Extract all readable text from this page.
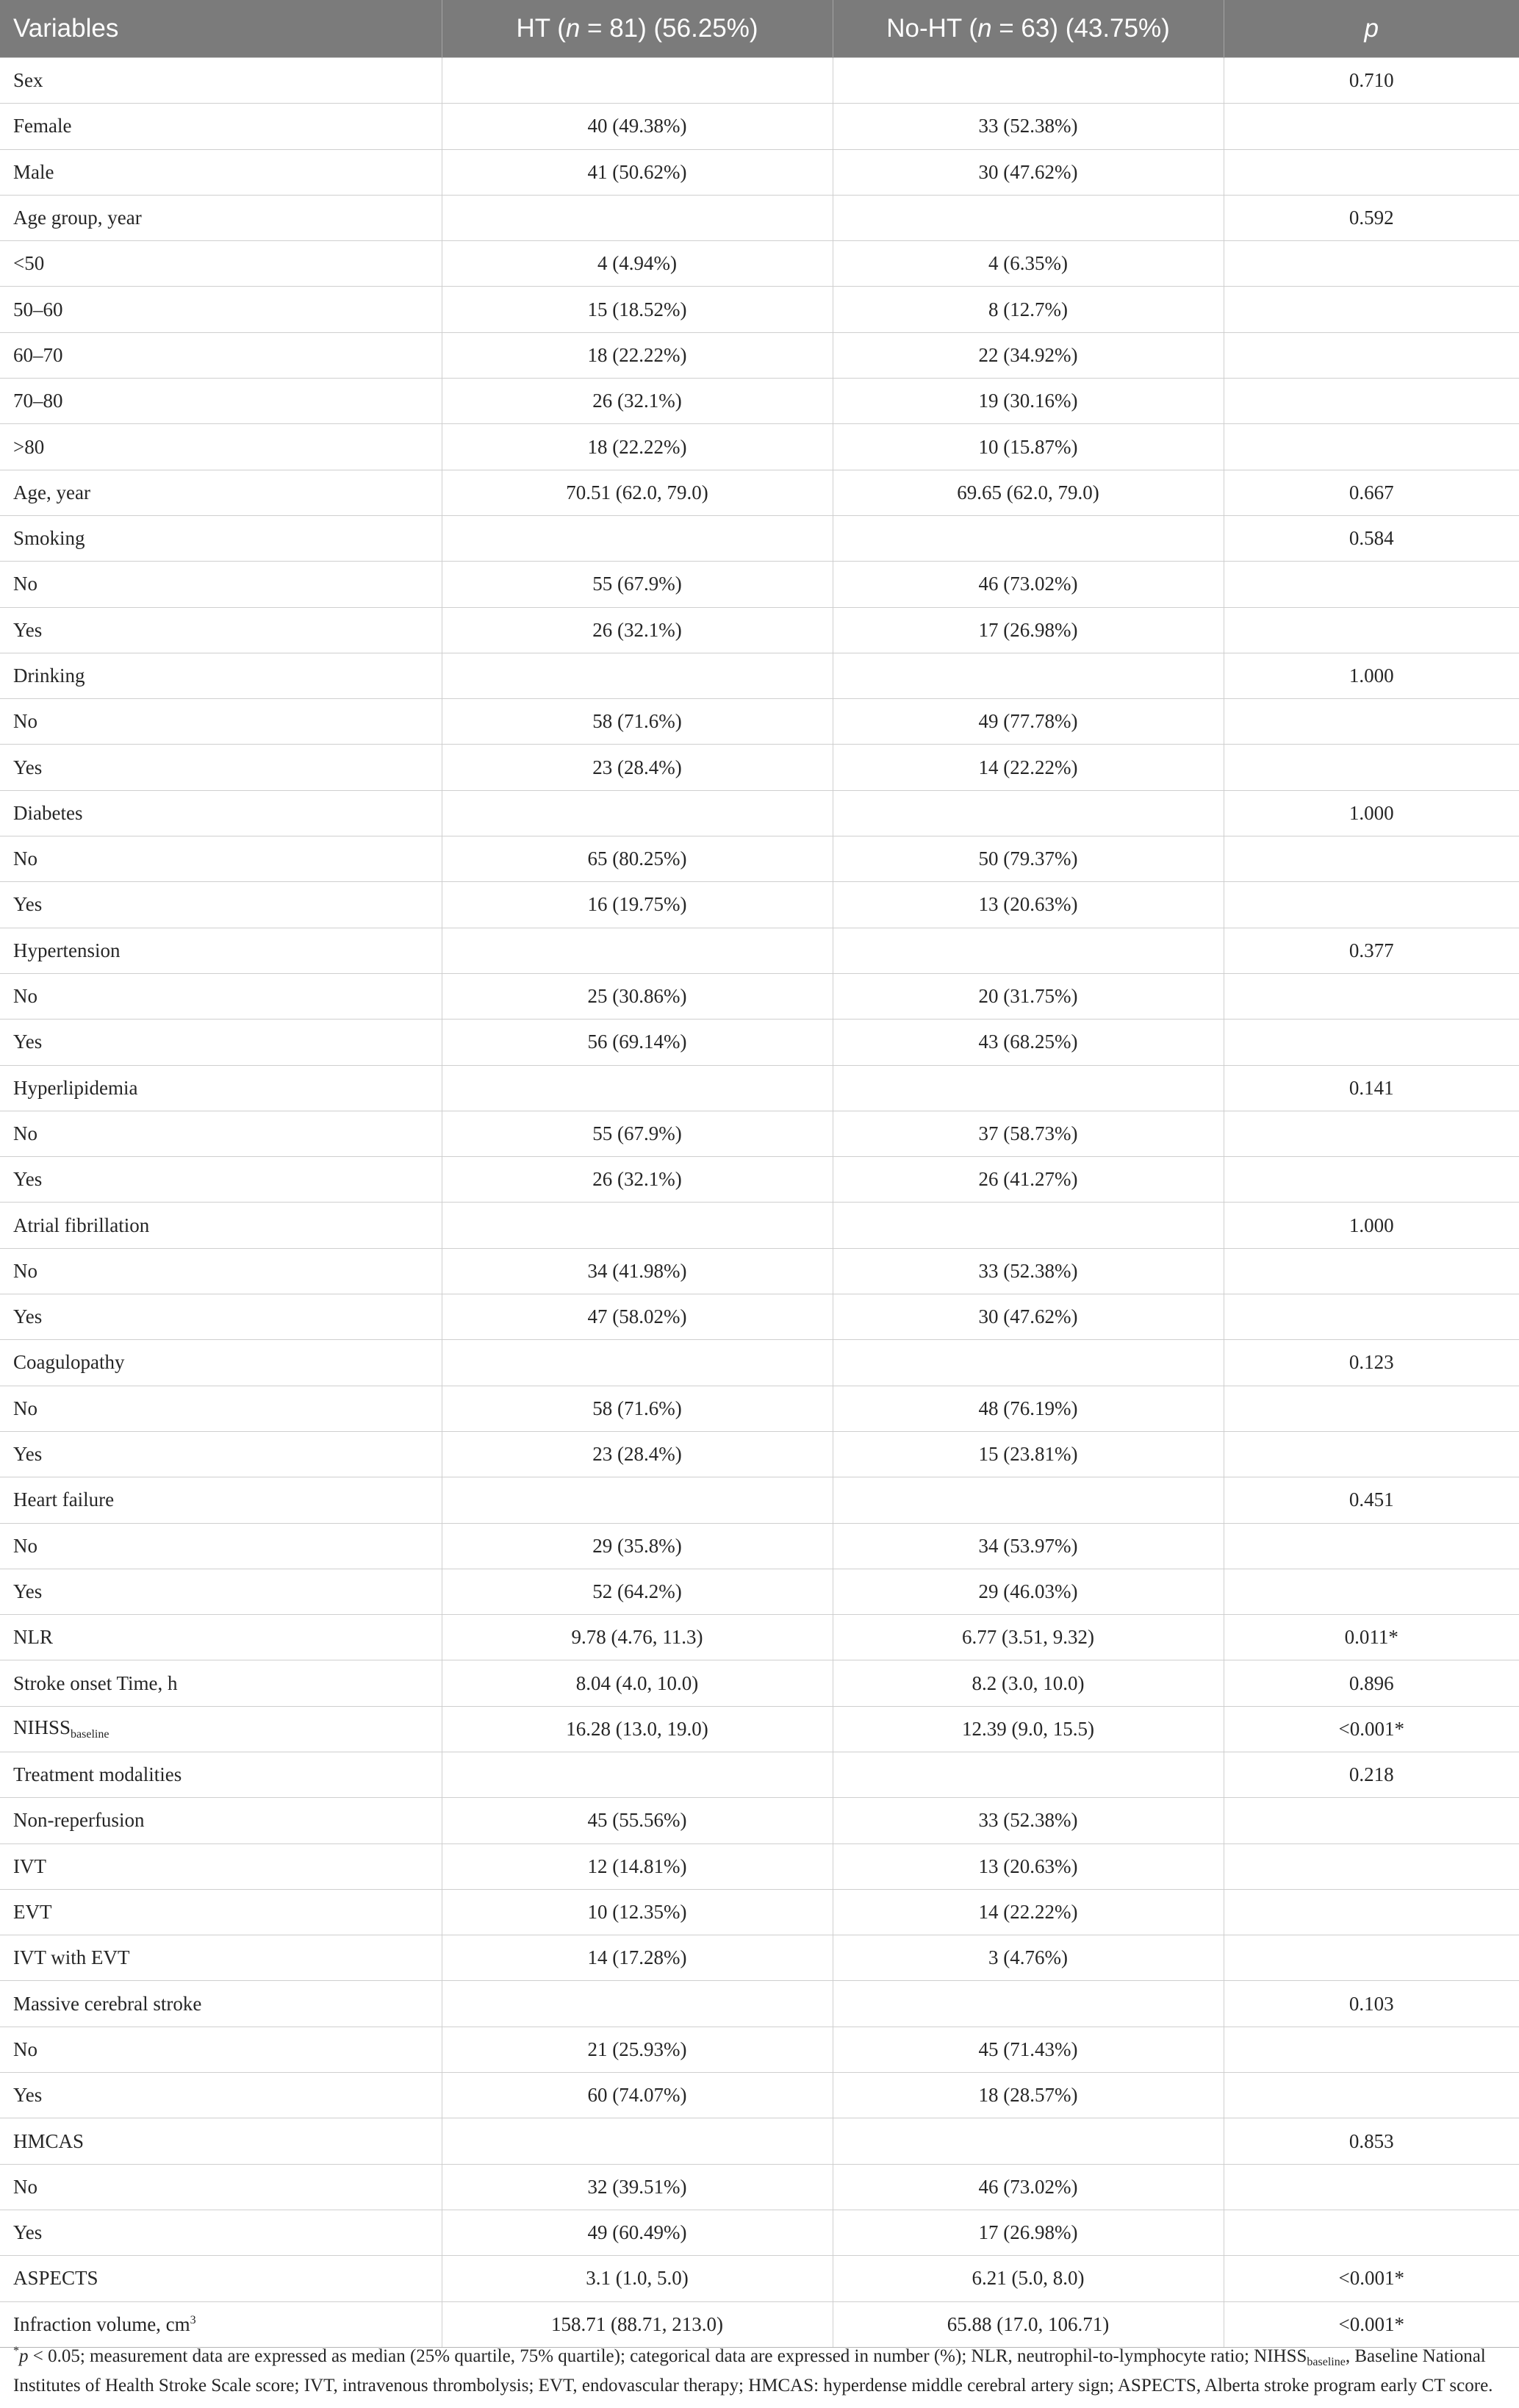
Variables	HT (n = 81) (56.25%)	No-HT (n = 63) (43.75%)	p
Sex			0.710
Female	40 (49.38%)	33 (52.38%)	
Male	41 (50.62%)	30 (47.62%)	
Age group, year			0.592
<50	4 (4.94%)	4 (6.35%)	
50–60	15 (18.52%)	8 (12.7%)	
60–70	18 (22.22%)	22 (34.92%)	
70–80	26 (32.1%)	19 (30.16%)	
>80	18 (22.22%)	10 (15.87%)	
Age, year	70.51 (62.0, 79.0)	69.65 (62.0, 79.0)	0.667
Smoking			0.584
No	55 (67.9%)	46 (73.02%)	
Yes	26 (32.1%)	17 (26.98%)	
Drinking			1.000
No	58 (71.6%)	49 (77.78%)	
Yes	23 (28.4%)	14 (22.22%)	
Diabetes			1.000
No	65 (80.25%)	50 (79.37%)	
Yes	16 (19.75%)	13 (20.63%)	
Hypertension			0.377
No	25 (30.86%)	20 (31.75%)	
Yes	56 (69.14%)	43 (68.25%)	
Hyperlipidemia			0.141
No	55 (67.9%)	37 (58.73%)	
Yes	26 (32.1%)	26 (41.27%)	
Atrial fibrillation			1.000
No	34 (41.98%)	33 (52.38%)	
Yes	47 (58.02%)	30 (47.62%)	
Coagulopathy			0.123
No	58 (71.6%)	48 (76.19%)	
Yes	23 (28.4%)	15 (23.81%)	
Heart failure			0.451
No	29 (35.8%)	34 (53.97%)	
Yes	52 (64.2%)	29 (46.03%)	
NLR	9.78 (4.76, 11.3)	6.77 (3.51, 9.32)	0.011*
Stroke onset Time, h	8.04 (4.0, 10.0)	8.2 (3.0, 10.0)	0.896
$NIHSS_{baseline}$	16.28 (13.0, 19.0)	12.39 (9.0, 15.5)	<0.001*
Treatment modalities			0.218
Non-reperfusion	45 (55.56%)	33 (52.38%)	
IVT	12 (14.81%)	13 (20.63%)	
EVT	10 (12.35%)	14 (22.22%)	
IVT with EVT	14 (17.28%)	3 (4.76%)	
Massive cerebral stroke			0.103
No	21 (25.93%)	45 (71.43%)	
Yes	60 (74.07%)	18 (28.57%)	
HMCAS			0.853
No	32 (39.51%)	46 (73.02%)	
Yes	49 (60.49%)	17 (26.98%)	
ASPECTS	3.1 (1.0, 5.0)	6.21 (5.0, 8.0)	<0.001*
Infraction volume, $cm^3$	158.71 (88.71, 213.0)	65.88 (17.0, 106.71)	<0.001*
*p < 0.05; measurement data are expressed as median (25% quartile, 75% quartile); categorical data are expressed in number (%); NLR, neutrophil-to-lymphocyte ratio; $NIHSS_{baseline}$, Baseline National Institutes of Health Stroke Scale score; IVT, intravenous thrombolysis; EVT, endovascular therapy; HMCAS: hyperdense middle cerebral artery sign; ASPECTS, Alberta stroke program early CT score.
